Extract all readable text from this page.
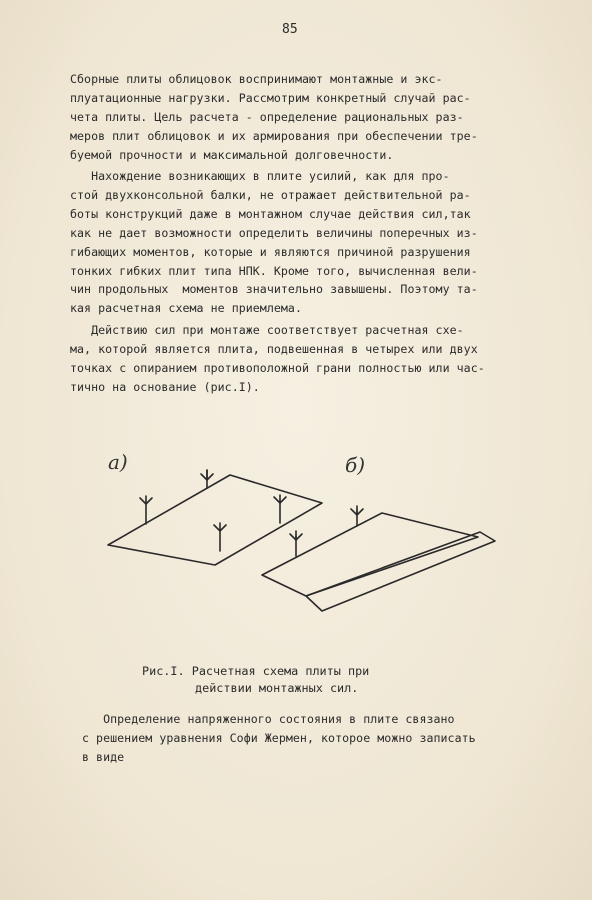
85

Сборные плиты облицовок воспринимают монтажные и экс-
плуатационные нагрузки. Рассмотрим конкретный случай рас-
чета плиты. Цель расчета - определение рациональных раз-
меров плит облицовок и их армирования при обеспечении тре-
буемой прочности и максимальной долговечности.

Нахождение возникающих в плите усилий, как для про-
стой двухконсольной балки, не отражает действительной ра-
боты конструкций даже в монтажном случае действия сил,так
как не дает возможности определить величины поперечных из-
гибающих моментов, которые и являются причиной разрушения
тонких гибких плит типа НПК. Кроме того, вычисленная вели-
чин продольных  моментов значительно завышены. Поэтому та-
кая расчетная схема не приемлема.

Действию сил при монтаже соответствует расчетная схе-
ма, которой является плита, подвешенная в четырех или двух
точках с опиранием противоположной грани полностью или час-
тично на основание (рис.I).

а)	б)
Рис.I. Расчетная схема плиты при
действии монтажных сил.

Определение напряженного состояния в плите связано
с решением уравнения Софи Жермен, которое можно записать
в виде
